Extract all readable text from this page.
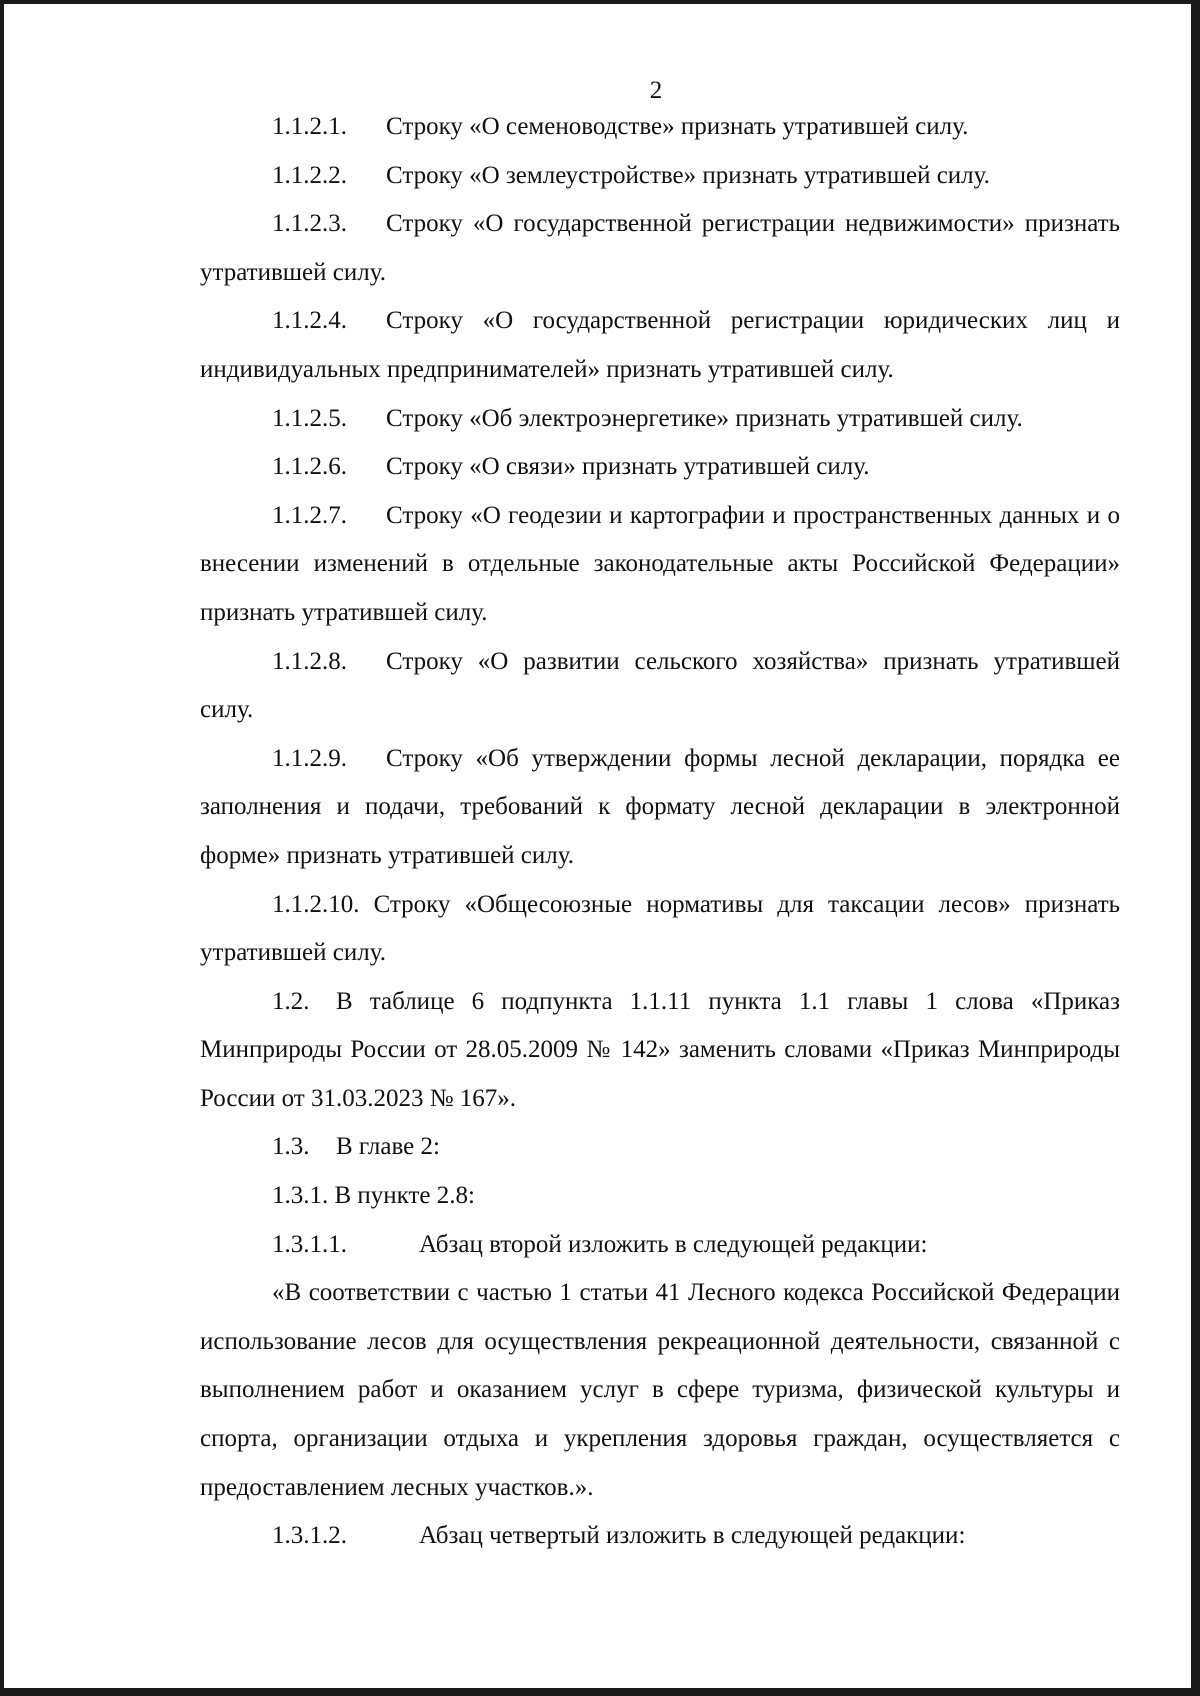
2

1.1.2.1. Строку «О семеноводстве» признать утратившей силу.

1.1.2.2. Строку «О землеустройстве» признать утратившей силу.

1.1.2.3. Строку «О государственной регистрации недвижимости» признать утратившей силу.

1.1.2.4. Строку «О государственной регистрации юридических лиц и индивидуальных предпринимателей» признать утратившей силу.

1.1.2.5. Строку «Об электроэнергетике» признать утратившей силу.

1.1.2.6. Строку «О связи» признать утратившей силу.

1.1.2.7. Строку «О геодезии и картографии и пространственных данных и о внесении изменений в отдельные законодательные акты Российской Федерации» признать утратившей силу.

1.1.2.8. Строку «О развитии сельского хозяйства» признать утратившей силу.

1.1.2.9. Строку «Об утверждении формы лесной декларации, порядка ее заполнения и подачи, требований к формату лесной декларации в электронной форме» признать утратившей силу.

1.1.2.10. Строку «Общесоюзные нормативы для таксации лесов» признать утратившей силу.

1.2. В таблице 6 подпункта 1.1.11 пункта 1.1 главы 1 слова «Приказ Минприроды России от 28.05.2009 № 142» заменить словами «Приказ Минприроды России от 31.03.2023 № 167».

1.3. В главе 2:

1.3.1. В пункте 2.8:

1.3.1.1.	Абзац второй изложить в следующей редакции:

«В соответствии с частью 1 статьи 41 Лесного кодекса Российской Федерации использование лесов для осуществления рекреационной деятельности, связанной с выполнением работ и оказанием услуг в сфере туризма, физической культуры и спорта, организации отдыха и укрепления здоровья граждан, осуществляется с предоставлением лесных участков.».

1.3.1.2.	Абзац четвертый изложить в следующей редакции:
